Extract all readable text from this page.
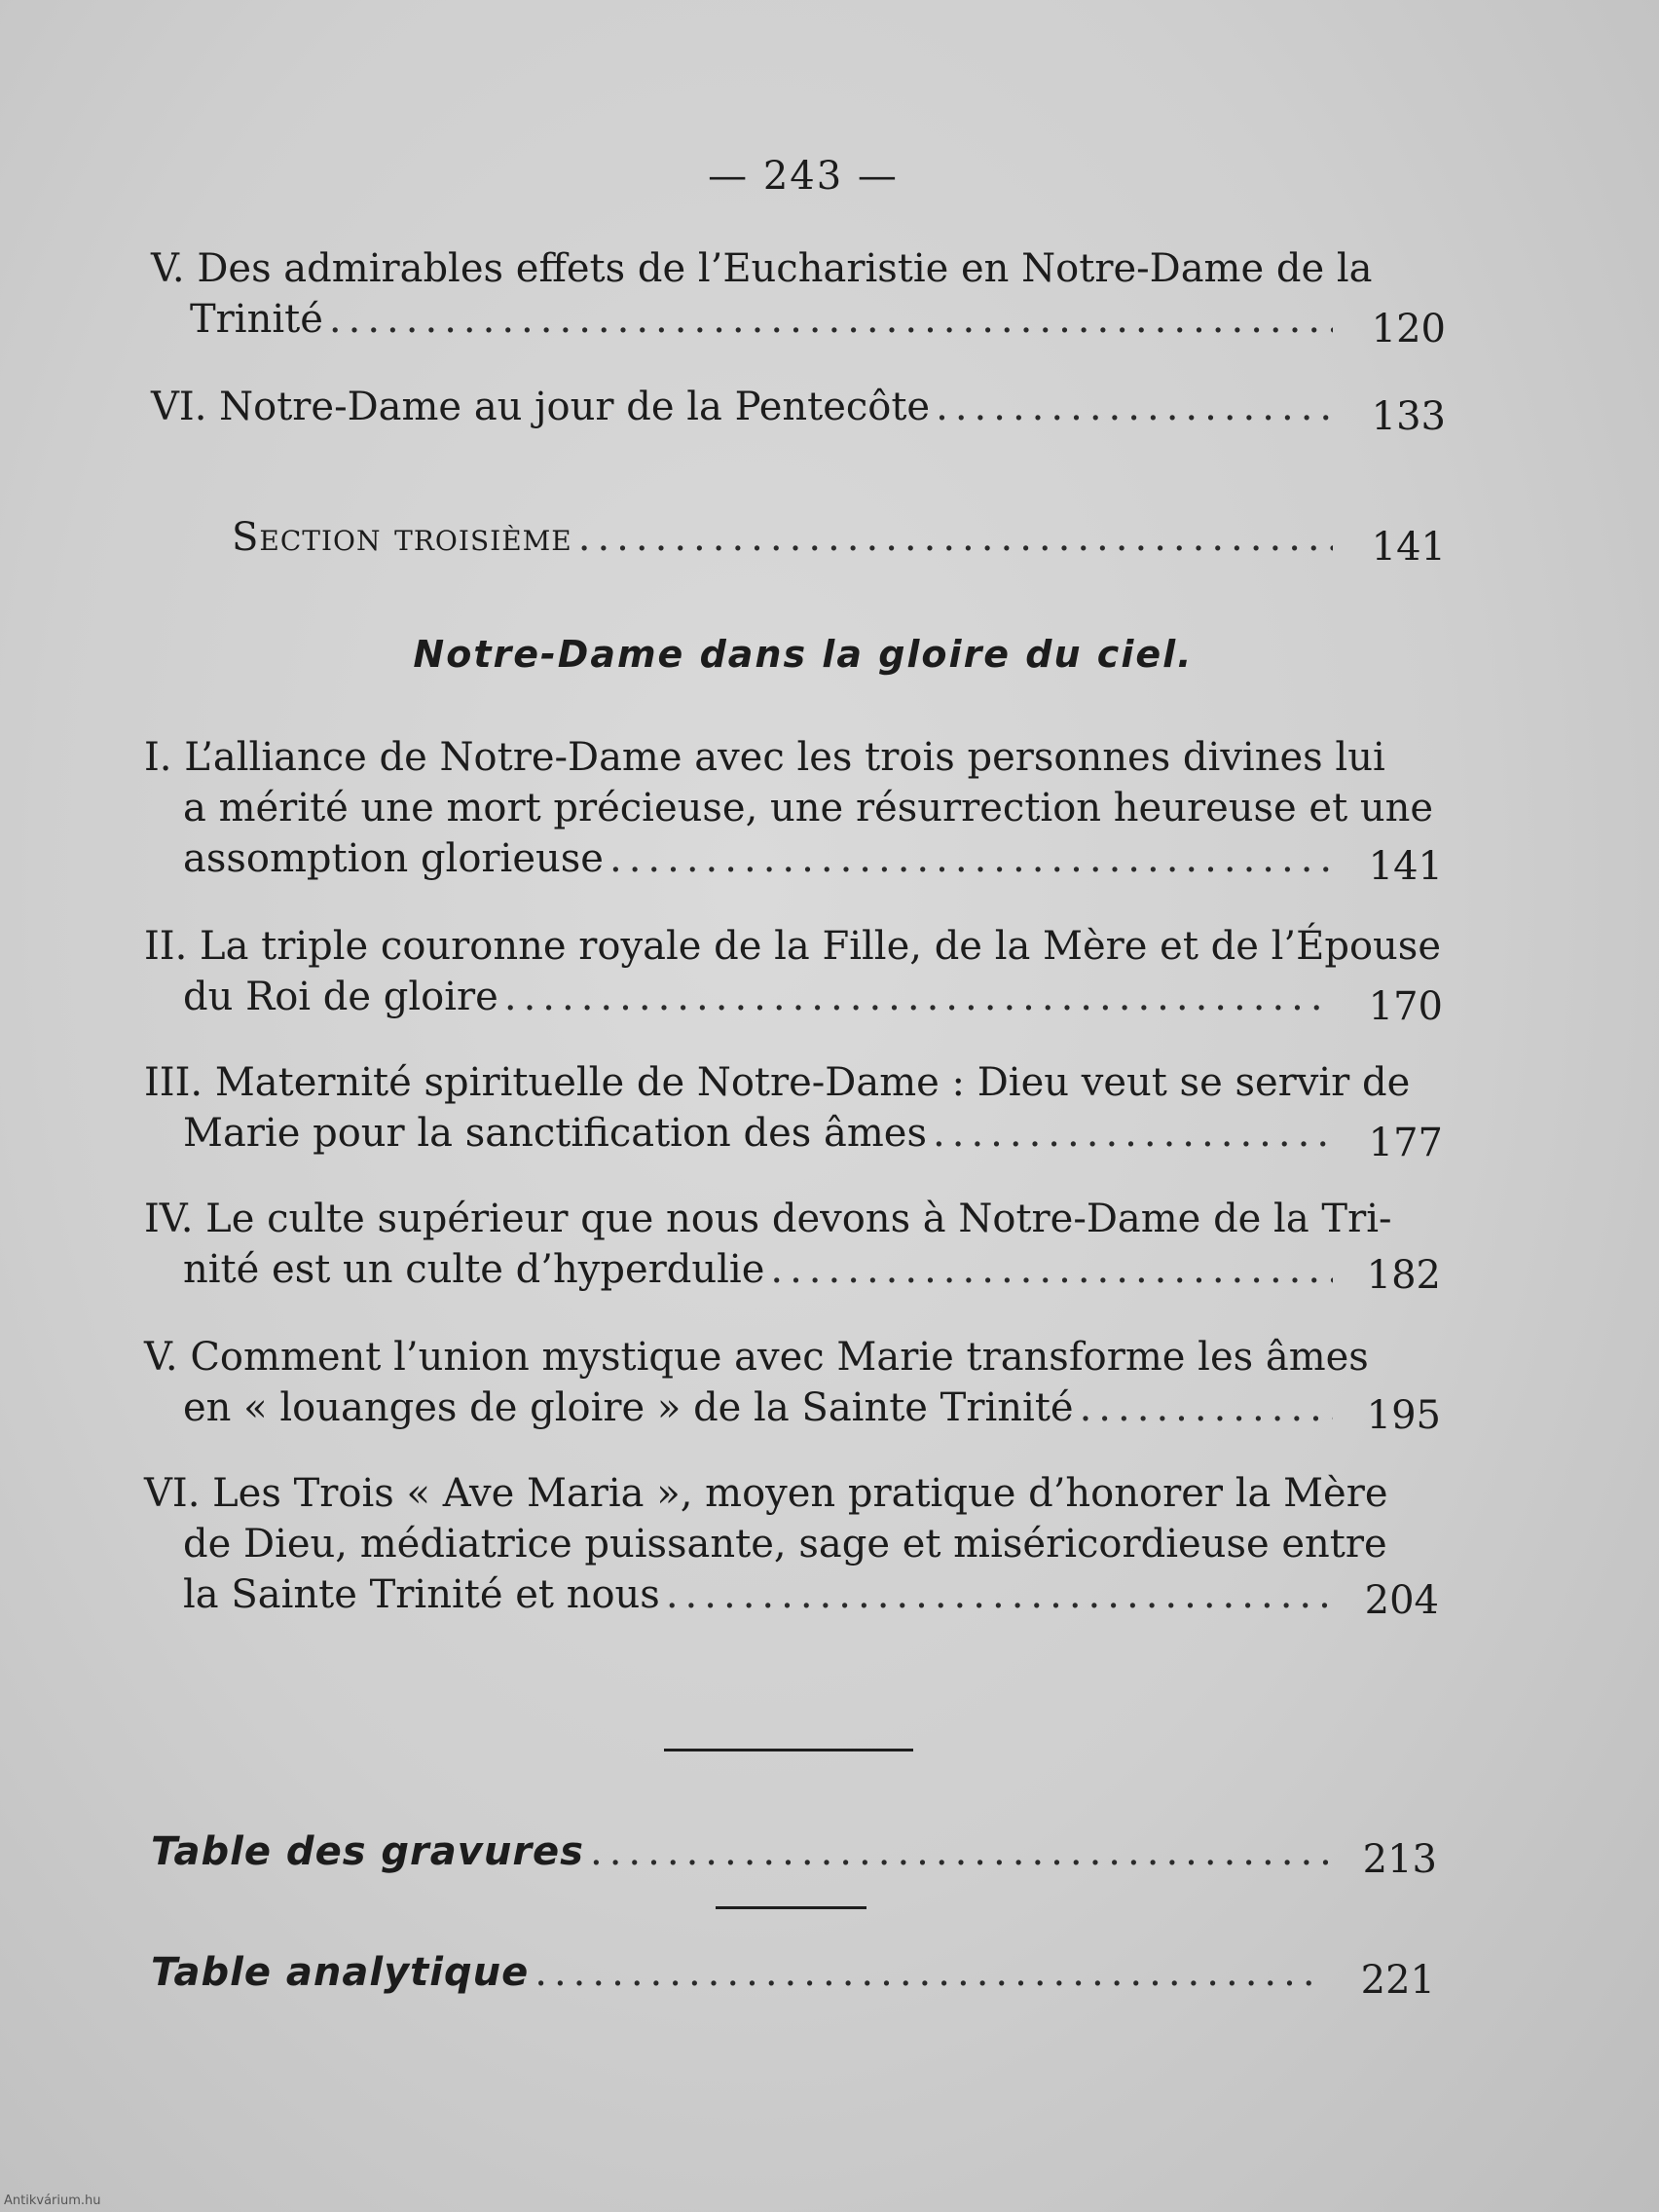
— 243 —
V. Des admirables effets de l’Eucharistie en Notre-Dame de la
Trinité .....	120
VI. Notre-Dame au jour de la Pentecôte .....	133
Section troisième .....	141
Notre-Dame dans la gloire du ciel.
I. L’alliance de Notre-Dame avec les trois personnes divines lui
a mérité une mort précieuse, une résurrection heureuse et une
assomption glorieuse .....	141
II. La triple couronne royale de la Fille, de la Mère et de l’Épouse
du Roi de gloire .....	170
III. Maternité spirituelle de Notre-Dame : Dieu veut se servir de
Marie pour la sanctification des âmes .....	177
IV. Le culte supérieur que nous devons à Notre-Dame de la Tri-
nité est un culte d’hyperdulie .....	182
V. Comment l’union mystique avec Marie transforme les âmes
en « louanges de gloire » de la Sainte Trinité .....	195
VI. Les Trois « Ave Maria », moyen pratique d’honorer la Mère
de Dieu, médiatrice puissante, sage et miséricordieuse entre
la Sainte Trinité et nous .....	204
Table des gravures .....	213
Table analytique .....	221
Antikvárium.hu
